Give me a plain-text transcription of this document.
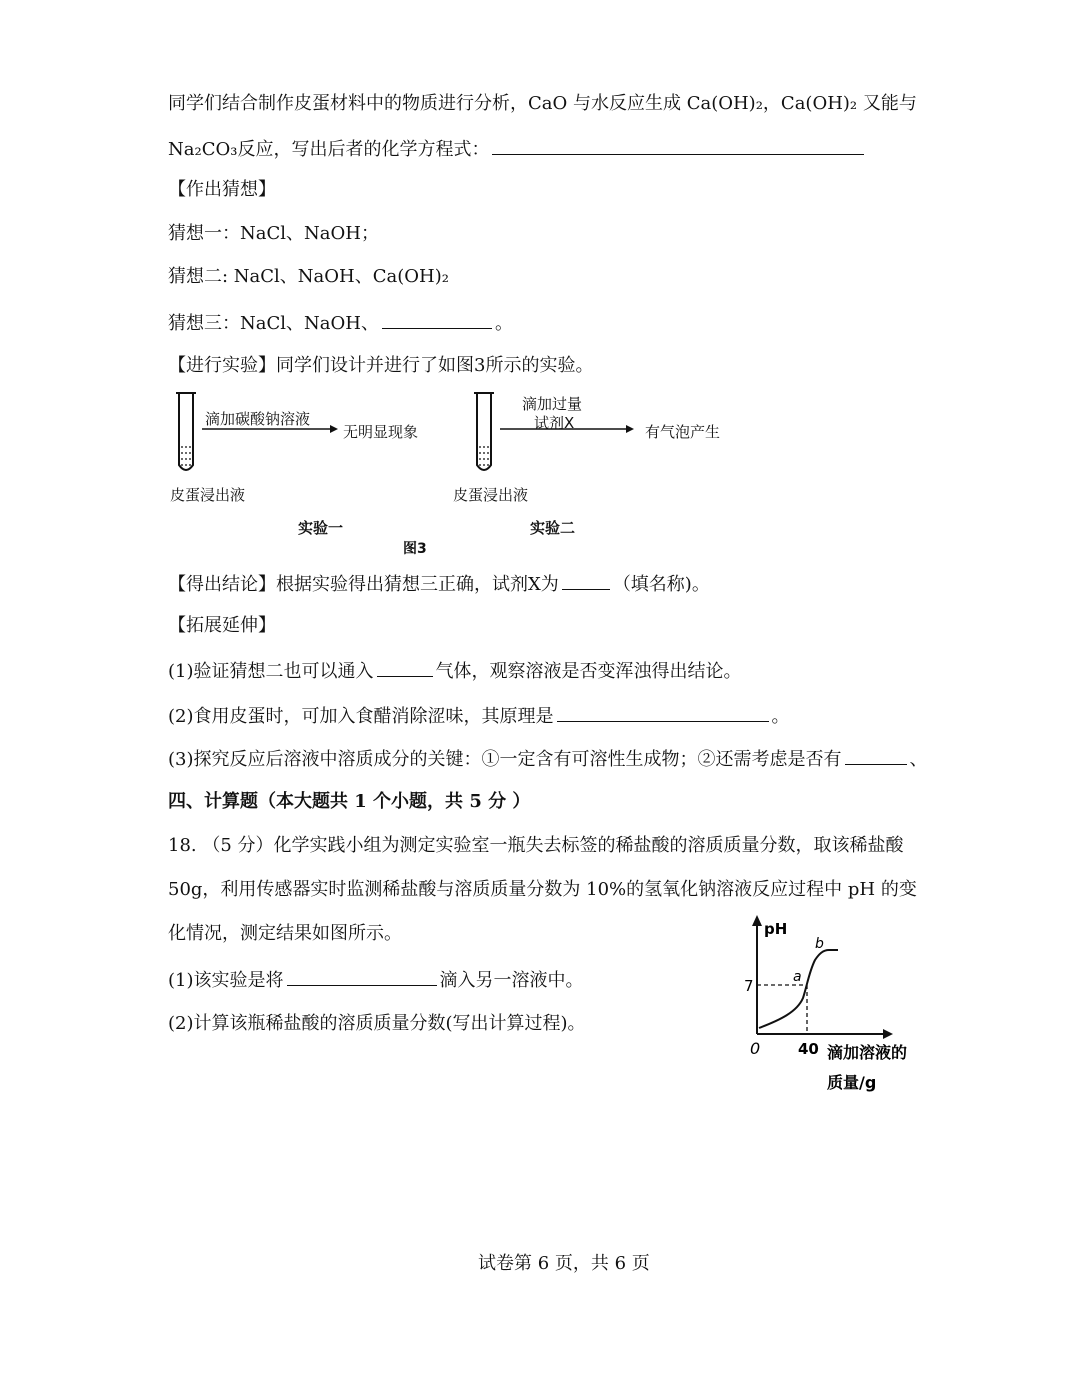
同学们结合制作皮蛋材料中的物质进行分析，CaO 与水反应生成 Ca(OH)₂，Ca(OH)₂ 又能与
Na₂CO₃反应，写出后者的化学方程式：
【作出猜想】
猜想一：NaCl、NaOH；
猜想二: NaCl、NaOH、Ca(OH)₂
猜想三：NaCl、NaOH、	。
【进行实验】同学们设计并进行了如图3所示的实验。
滴加碳酸钠溶液
无明显现象
皮蛋浸出液
实验一
滴加过量
试剂X	有气泡产生
皮蛋浸出液
实验二
图3
【得出结论】根据实验得出猜想三正确，试剂X为	（填名称)。
【拓展延伸】
(1)验证猜想二也可以通入	气体，观察溶液是否变浑浊得出结论。
(2)食用皮蛋时，可加入食醋消除涩味，其原理是	。
(3)探究反应后溶液中溶质成分的关键：①一定含有可溶性生成物；②还需考虑是否有	、
四、计算题（本大题共 1 个小题，共 5 分 ）
18. （5 分）化学实践小组为测定实验室一瓶失去标签的稀盐酸的溶质质量分数，取该稀盐酸
50g，利用传感器实时监测稀盐酸与溶质质量分数为 10%的氢氧化钠溶液反应过程中 pH 的变
化情况，测定结果如图所示。
(1)该实验是将	滴入另一溶液中。
(2)计算该瓶稀盐酸的溶质质量分数(写出计算过程)。
pH
7
0	40
a
b
滴加溶液的
质量/g
试卷第 6 页，共 6 页
